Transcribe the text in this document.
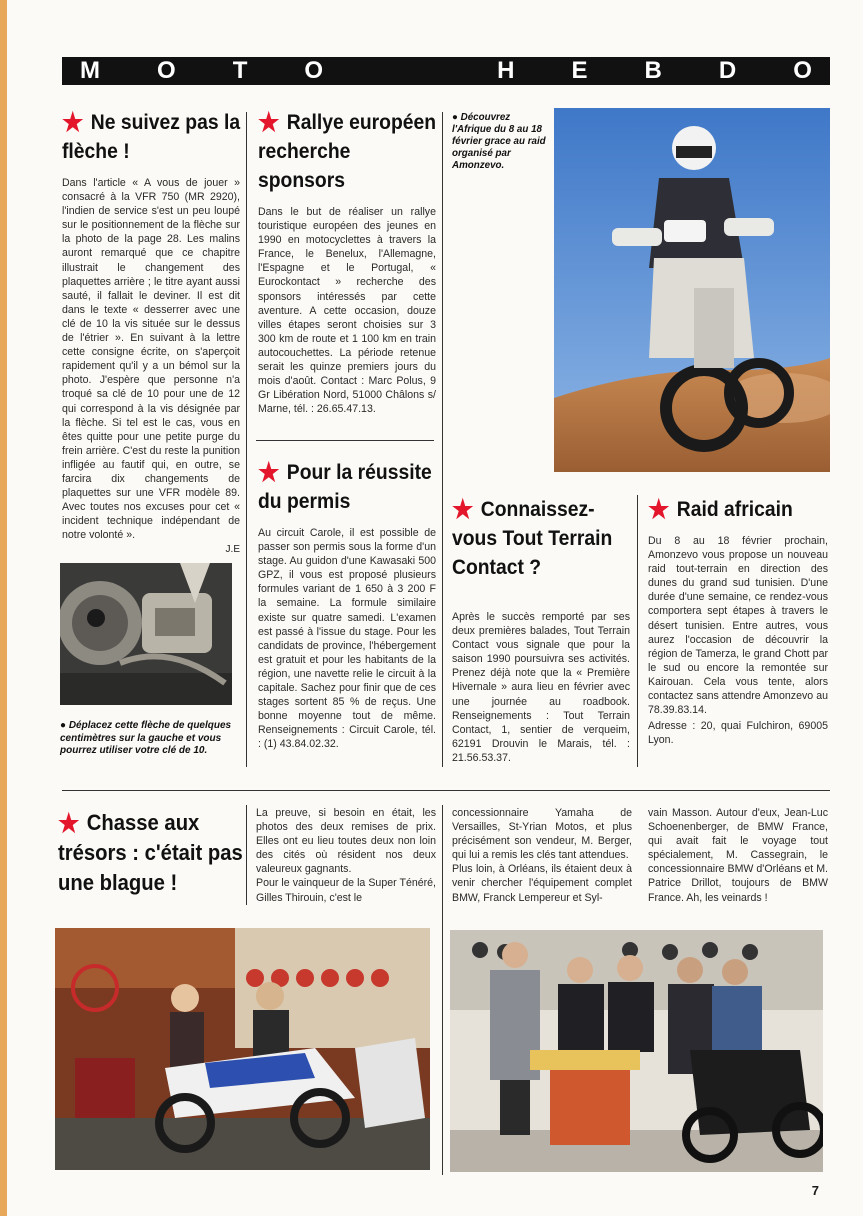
M O T O	H E B D O
★ Ne suivez pas la flèche !

Dans l'article « A vous de jouer » consacré à la VFR 750 (MR 2920), l'indien de service s'est un peu loupé sur le positionnement de la flèche sur la photo de la page 28. Les malins auront remarqué que ce chapitre illustrait le changement des plaquettes arrière ; le titre ayant aussi sauté, il fallait le deviner. Il est dit dans le texte « desserrer avec une clé de 10 la vis située sur le dessus de l'étrier ». En suivant à la lettre cette consigne écrite, on s'aperçoit rapidement qu'il y a un bémol sur la photo. J'espère que personne n'a troqué sa clé de 10 pour une de 12 qui correspond à la vis désignée par la flèche. Si tel est le cas, vous en êtes quitte pour une petite purge du frein arrière. C'est du reste la punition infligée au fautif qui, en outre, se farcira dix changements de plaquettes sur une VFR modèle 89. Avec toutes nos excuses pour cet « incident technique indépendant de notre volonté ».

J.E
● Déplacez cette flèche de quelques centimètres sur la gauche et vous pourrez utiliser votre clé de 10.
★ Rallye européen recherche sponsors

Dans le but de réaliser un rallye touristique européen des jeunes en 1990 en motocyclettes à travers la France, le Benelux, l'Allemagne, l'Espagne et le Portugal, « Eurockontact » recherche des sponsors intéressés par cette aventure. A cette occasion, douze villes étapes seront choisies sur 3 300 km de route et 1 100 km en train autocouchettes. La période retenue serait les quinze premiers jours du mois d'août. Contact : Marc Polus, 9 Gr Libération Nord, 51000 Châlons s/ Marne, tél. : 26.65.47.13.

★ Pour la réussite du permis

Au circuit Carole, il est possible de passer son permis sous la forme d'un stage. Au guidon d'une Kawasaki 500 GPZ, il vous est proposé plusieurs formules variant de 1 650 à 3 200 F la semaine. La formule similaire existe sur quatre samedi. L'examen est passé à l'issue du stage. Pour les candidats de province, l'hébergement est gratuit et pour les habitants de la région, une navette relie le circuit à la capitale. Sachez pour finir que de ces stages sortent 85 % de reçus. Une bonne moyenne tout de même. Renseignements : Circuit Carole, tél. : (1) 43.84.02.32.

● Découvrez l'Afrique du 8 au 18 février grace au raid organisé par Amonzevo.
★ Connaissez-vous Tout Terrain Contact ?

Après le succès remporté par ses deux premières balades, Tout Terrain Contact vous signale que pour la saison 1990 poursuivra ses activités. Prenez déjà note que la « Première Hivernale » aura lieu en février avec une journée au roadbook. Renseignements : Tout Terrain Contact, 1, sentier de verqueim, 62191 Drouvin le Marais, tél. : 21.56.53.37.

★ Raid africain

Du 8 au 18 février prochain, Amonzevo vous propose un nouveau raid tout-terrain en direction des dunes du grand sud tunisien. D'une durée d'une semaine, ce rendez-vous comportera sept étapes à travers le désert tunisien. Entre autres, vous aurez l'occasion de découvrir la région de Tamerza, le grand Chott par le sud ou encore la remontée sur Kairouan. Cela vous tente, alors contactez sans attendre Amonzevo au 78.39.83.14.

Adresse : 20, quai Fulchiron, 69005 Lyon.

★ Chasse aux trésors : c'était pas une blague !

La preuve, si besoin en était, les photos des deux remises de prix. Elles ont eu lieu toutes deux non loin des cités où résident nos deux valeureux gagnants.
Pour le vainqueur de la Super Ténéré, Gilles Thirouin, c'est le

concessionnaire Yamaha de Versailles, St-Yrian Motos, et plus précisément son vendeur, M. Berger, qui lui a remis les clés tant attendues.
Plus loin, à Orléans, ils étaient deux à venir chercher l'équipement complet BMW, Franck Lempereur et Syl-

vain Masson. Autour d'eux, Jean-Luc Schoenenberger, de BMW France, qui avait fait le voyage tout spécialement, M. Cassegrain, le concessionnaire BMW d'Orléans et M. Patrice Drillot, toujours de BMW France. Ah, les veinards !

7
